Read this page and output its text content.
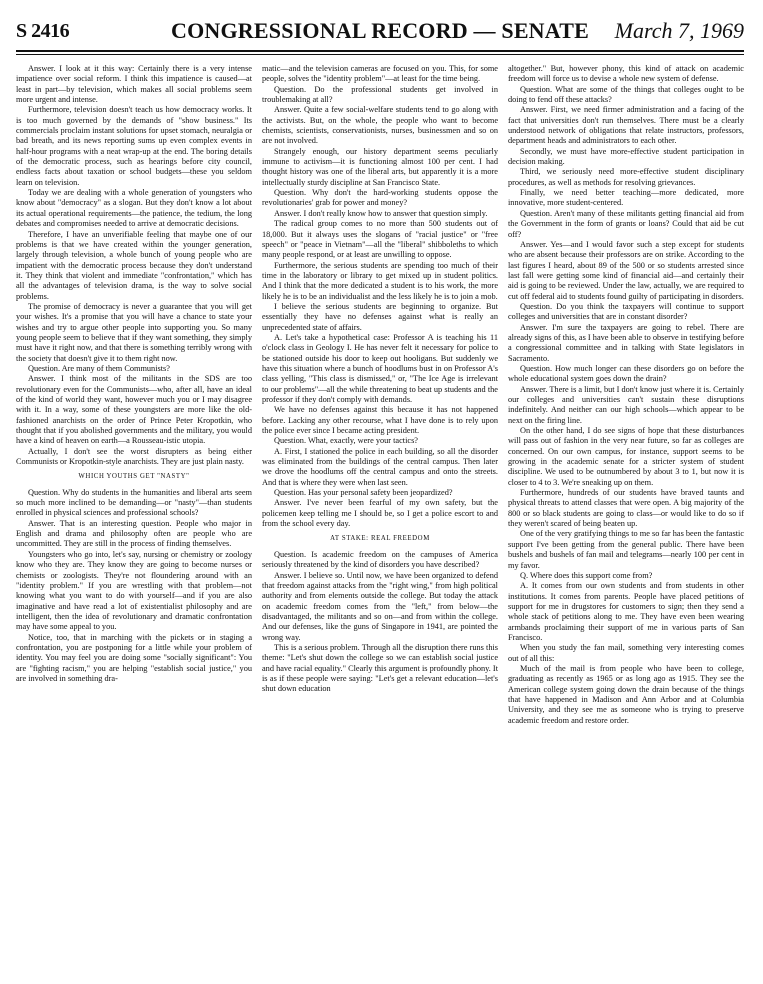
S 2416	CONGRESSIONAL RECORD — SENATE	March 7, 1969

Answer. I look at it this way: Certainly there is a very intense impatience over social reform. I think this impatience is caused—at least in part—by television, which makes all social problems seem more urgent and intense.

Furthermore, television doesn't teach us how democracy works. It is too much governed by the demands of "show business." Its commercials proclaim instant solutions for upset stomach, neuralgia or bad breath, and its news reporting sums up even complex events in half-hour programs with a neat wrap-up at the end. The boring details of the democratic process, such as hearings before city council, endless facts about taxation or school budgets—these you seldom learn on television.

Today we are dealing with a whole generation of youngsters who know about "democracy" as a slogan. But they don't know a lot about its actual operational requirements—the patience, the tedium, the long debates and compromises needed to arrive at democratic decisions.

Therefore, I have an unverifiable feeling that maybe one of our problems is that we have created within the younger generation, largely through television, a whole bunch of young people who are impatient with the democratic process because they don't understand it. They think that violent and immediate "confrontation," which has all the advantages of television drama, is the way to solve social problems.

The promise of democracy is never a guarantee that you will get your wishes. It's a promise that you will have a chance to state your wishes and try to argue other people into supporting you. So many young people seem to believe that if they want something, they simply must have it right now, and that there is something terribly wrong with the society that doesn't give it to them right now.

Question. Are many of them Communists?

Answer. I think most of the militants in the SDS are too revolutionary even for the Communists—who, after all, have an ideal of the kind of world they want, however much you or I may disagree with it. In a way, some of these youngsters are more like the old-fashioned anarchists on the order of Prince Peter Kropotkin, who thought that if you abolished governments and the military, you would have a kind of heaven on earth—a Rousseau-istic utopia.

Actually, I don't see the worst disrupters as being either Communists or Kropotkin-style anarchists. They are just plain nasty.

WHICH YOUTHS GET "NASTY"

Question. Why do students in the humanities and liberal arts seem so much more inclined to be demanding—or "nasty"—than students enrolled in physical sciences and professional schools?

Answer. That is an interesting question. People who major in English and drama and philosophy often are people who are uncommitted. They are still in the process of finding themselves.

Youngsters who go into, let's say, nursing or chemistry or zoology know who they are. They know they are going to become nurses or chemists or zoologists. They're not floundering around with an "identity problem." If you are wrestling with that problem—not knowing what you want to do with yourself—and if you are also imaginative and have read a lot of existentialist philosophy and are intelligent, then the idea of revolutionary and dramatic confrontation may have some appeal to you.

Notice, too, that in marching with the pickets or in staging a confrontation, you are postponing for a little while your problem of identity. You may feel you are doing some "socially significant": You are "fighting racism," you are helping "establish social justice," you are involved in something dra-

matic—and the television cameras are focused on you. This, for some people, solves the "identity problem"—at least for the time being.

Question. Do the professional students get involved in troublemaking at all?

Answer. Quite a few social-welfare students tend to go along with the activists. But, on the whole, the people who want to become chemists, scientists, conservationists, nurses, businessmen and so on are not involved.

Strangely enough, our history department seems peculiarly immune to activism—it is functioning almost 100 per cent. I had thought history was one of the liberal arts, but apparently it is a more intellectually sturdy discipline at San Francisco State.

Question. Why don't the hard-working students oppose the revolutionaries' grab for power and money?

Answer. I don't really know how to answer that question simply.

The radical group comes to no more than 500 students out of 18,000. But it always uses the slogans of "racial justice" or "free speech" or "peace in Vietnam"—all the "liberal" shibboleths to which many people respond, or at least are unwilling to oppose.

Furthermore, the serious students are spending too much of their time in the laboratory or library to get mixed up in student politics. And I think that the more dedicated a student is to his work, the more likely he is to be an individualist and the less likely he is to join a mob.

I believe the serious students are beginning to organize. But essentially they have no defenses against what is really an unprecedented state of affairs.

A. Let's take a hypothetical case: Professor A is teaching his 11 o'clock class in Geology I. He has never felt it necessary for police to be stationed outside his door to keep out hooligans. But suddenly we have this situation where a bunch of hoodlums bust in on Professor A's class yelling, "This class is dismissed," or, "The Ice Age is irrelevant to our problems"—all the while threatening to beat up students and the professor if they don't comply with demands.

We have no defenses against this because it has not happened before. Lacking any other recourse, what I have done is to rely upon the police ever since I became acting president.

Question. What, exactly, were your tactics?

A. First, I stationed the police in each building, so all the disorder was eliminated from the buildings of the central campus. Then later we drove the hoodlums off the central campus and onto the streets. And that is where they were when last seen.

Question. Has your personal safety been jeopardized?

Answer. I've never been fearful of my own safety, but the policemen keep telling me I should be, so I get a police escort to and from the school every day.

AT STAKE: REAL FREEDOM

Question. Is academic freedom on the campuses of America seriously threatened by the kind of disorders you have described?

Answer. I believe so. Until now, we have been organized to defend that freedom against attacks from the "right wing," from high political authority and from elements outside the college. But today the attack on academic freedom comes from the "left," from below—the disadvantaged, the militants and so on—and from within the college. And our defenses, like the guns of Singapore in 1941, are pointed the wrong way.

This is a serious problem. Through all the disruption there runs this theme: "Let's shut down the college so we can establish social justice and have racial equality." Clearly this argument is profoundly phony. It is as if these people were saying: "Let's get a relevant education—let's shut down education

altogether." But, however phony, this kind of attack on academic freedom will force us to devise a whole new system of defense.

Question. What are some of the things that colleges ought to be doing to fend off these attacks?

Answer. First, we need firmer administration and a facing of the fact that universities don't run themselves. There must be a clearly understood network of obligations that relate instructors, professors, department heads and administrators to each other.

Secondly, we must have more-effective student participation in decision making.

Third, we seriously need more-effective student disciplinary procedures, as well as methods for resolving grievances.

Finally, we need better teaching—more dedicated, more innovative, more student-centered.

Question. Aren't many of these militants getting financial aid from the Government in the form of grants or loans? Could that aid be cut off?

Answer. Yes—and I would favor such a step except for students who are absent because their professors are on strike. According to the last figures I heard, about 89 of the 500 or so students arrested since last fall were getting some kind of financial aid—and certainly their aid is going to be reviewed. Under the law, actually, we are required to cut off federal aid to students found guilty of participating in disorders.

Question. Do you think the taxpayers will continue to support colleges and universities that are in constant disorder?

Answer. I'm sure the taxpayers are going to rebel. There are already signs of this, as I have been able to observe in testifying before a congressional committee and in talking with State legislators in Sacramento.

Question. How much longer can these disorders go on before the whole educational system goes down the drain?

Answer. There is a limit, but I don't know just where it is. Certainly our colleges and universities can't sustain these disruptions indefinitely. And neither can our high schools—which appear to be next on the firing line.

On the other hand, I do see signs of hope that these disturbances will pass out of fashion in the very near future, so far as colleges are concerned. On our own campus, for instance, support seems to be growing in the academic senate for a stricter system of student discipline. We used to be outnumbered by about 3 to 1, but now it is closer to 4 to 3. We're sneaking up on them.

Furthermore, hundreds of our students have braved taunts and physical threats to attend classes that were open. A big majority of the 800 or so black students are going to class—or would like to do so if they weren't scared of being beaten up.

One of the very gratifying things to me so far has been the fantastic support I've been getting from the general public. There have been bushels and bushels of fan mail and telegrams—nearly 100 per cent in my favor.

Q. Where does this support come from?

A. It comes from our own students and from students in other institutions. It comes from parents. People have placed petitions of support for me in drugstores for customers to sign; then they send a whole stack of petitions along to me. They have even been wearing armbands proclaiming their support of me in various parts of San Francisco.

When you study the fan mail, something very interesting comes out of all this:

Much of the mail is from people who have been to college, graduating as recently as 1965 or as long ago as 1915. They see the American college system going down the drain because of the things that have happened in Madison and Ann Arbor and at Columbia University, and they see me as someone who is trying to preserve academic freedom and restore order.
